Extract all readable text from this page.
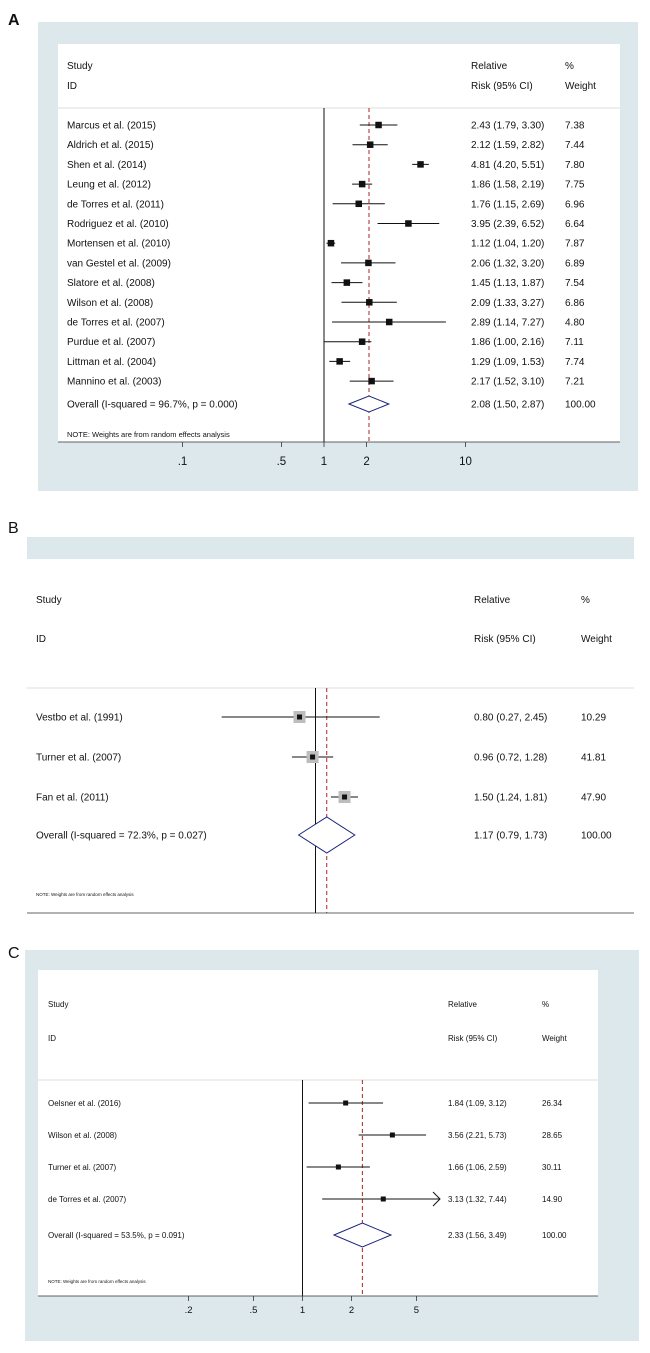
A
Study
ID
Relative
Risk (95% CI)
%
Weight
.1	.5	1	2	10
Marcus et al. (2015)	2.43 (1.79, 3.30) 7.38
Aldrich et al. (2015)	2.12 (1.59, 2.82) 7.44
Shen et al. (2014)	4.81 (4.20, 5.51) 7.80
Leung et al. (2012)	1.86 (1.58, 2.19) 7.75
de Torres et al. (2011)	1.76 (1.15, 2.69) 6.96
Rodriguez et al. (2010)	3.95 (2.39, 6.52) 6.64
Mortensen et al. (2010)	1.12 (1.04, 1.20) 7.87
van Gestel et al. (2009)	2.06 (1.32, 3.20) 6.89
Slatore et al. (2008)	1.45 (1.13, 1.87) 7.54
Wilson et al. (2008)	2.09 (1.33, 3.27) 6.86
de Torres et al. (2007)	2.89 (1.14, 7.27) 4.80
Purdue et al. (2007)	1.86 (1.00, 2.16) 7.11
Littman et al. (2004)	1.29 (1.09, 1.53) 7.74
Mannino et al. (2003)	2.17 (1.52, 3.10) 7.21
Overall (I-squared = 96.7%, p = 0.000)	2.08 (1.50, 2.87) 100.00
NOTE: Weights are from random effects analysis
B
Study
ID
Relative
Risk (95% CI)
%
Weight
Vestbo et al. (1991)	0.80 (0.27, 2.45)	10.29
Turner et al. (2007)	0.96 (0.72, 1.28)	41.81
Fan et al. (2011)	1.50 (1.24, 1.81)	47.90
Overall (I-squared = 72.3%, p = 0.027)	1.17 (0.79, 1.73)	100.00
NOTE: Weights are from random effects analysis
C
Study
ID
Relative
Risk (95% CI)
%
Weight
.2	.5	1	2	5
Oelsner et al. (2016)	1.84 (1.09, 3.12)	26.34
Wilson et al. (2008)	3.56 (2.21, 5.73)	28.65
Turner et al. (2007)	1.66 (1.06, 2.59)	30.11
de Torres et al. (2007)	3.13 (1.32, 7.44)	14.90
Overall (I-squared = 53.5%, p = 0.091)	2.33 (1.56, 3.49)	100.00
NOTE: Weights are from random effects analysis
